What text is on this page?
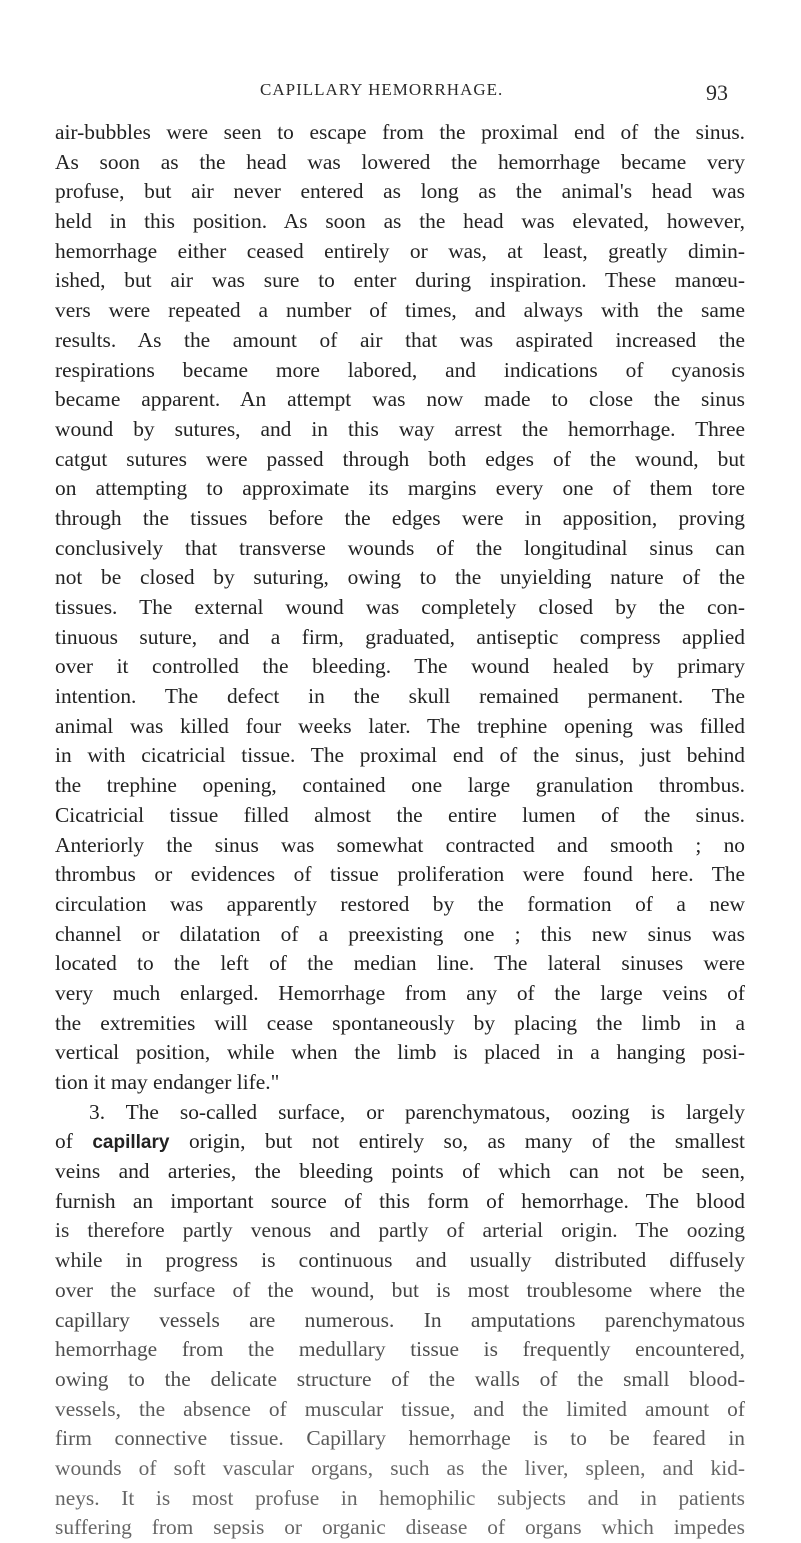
CAPILLARY HEMORRHAGE.	93
air-bubbles were seen to escape from the proximal end of the sinus.
As soon as the head was lowered the hemorrhage became very
profuse, but air never entered as long as the animal's head was
held in this position. As soon as the head was elevated, however,
hemorrhage either ceased entirely or was, at least, greatly dimin-
ished, but air was sure to enter during inspiration. These manœu-
vers were repeated a number of times, and always with the same
results. As the amount of air that was aspirated increased the
respirations became more labored, and indications of cyanosis
became apparent. An attempt was now made to close the sinus
wound by sutures, and in this way arrest the hemorrhage. Three
catgut sutures were passed through both edges of the wound, but
on attempting to approximate its margins every one of them tore
through the tissues before the edges were in apposition, proving
conclusively that transverse wounds of the longitudinal sinus can
not be closed by suturing, owing to the unyielding nature of the
tissues. The external wound was completely closed by the con-
tinuous suture, and a firm, graduated, antiseptic compress applied
over it controlled the bleeding. The wound healed by primary
intention. The defect in the skull remained permanent. The
animal was killed four weeks later. The trephine opening was filled
in with cicatricial tissue. The proximal end of the sinus, just behind
the trephine opening, contained one large granulation thrombus.
Cicatricial tissue filled almost the entire lumen of the sinus.
Anteriorly the sinus was somewhat contracted and smooth ; no
thrombus or evidences of tissue proliferation were found here. The
circulation was apparently restored by the formation of a new
channel or dilatation of a preexisting one ; this new sinus was
located to the left of the median line. The lateral sinuses were
very much enlarged. Hemorrhage from any of the large veins of
the extremities will cease spontaneously by placing the limb in a
vertical position, while when the limb is placed in a hanging posi-
tion it may endanger life."
3. The so-called surface, or parenchymatous, oozing is largely
of capillary origin, but not entirely so, as many of the smallest
veins and arteries, the bleeding points of which can not be seen,
furnish an important source of this form of hemorrhage. The blood
is therefore partly venous and partly of arterial origin. The oozing
while in progress is continuous and usually distributed diffusely
over the surface of the wound, but is most troublesome where the
capillary vessels are numerous. In amputations parenchymatous
hemorrhage from the medullary tissue is frequently encountered,
owing to the delicate structure of the walls of the small blood-
vessels, the absence of muscular tissue, and the limited amount of
firm connective tissue. Capillary hemorrhage is to be feared in
wounds of soft vascular organs, such as the liver, spleen, and kid-
neys. It is most profuse in hemophilic subjects and in patients
suffering from sepsis or organic disease of organs which impedes
